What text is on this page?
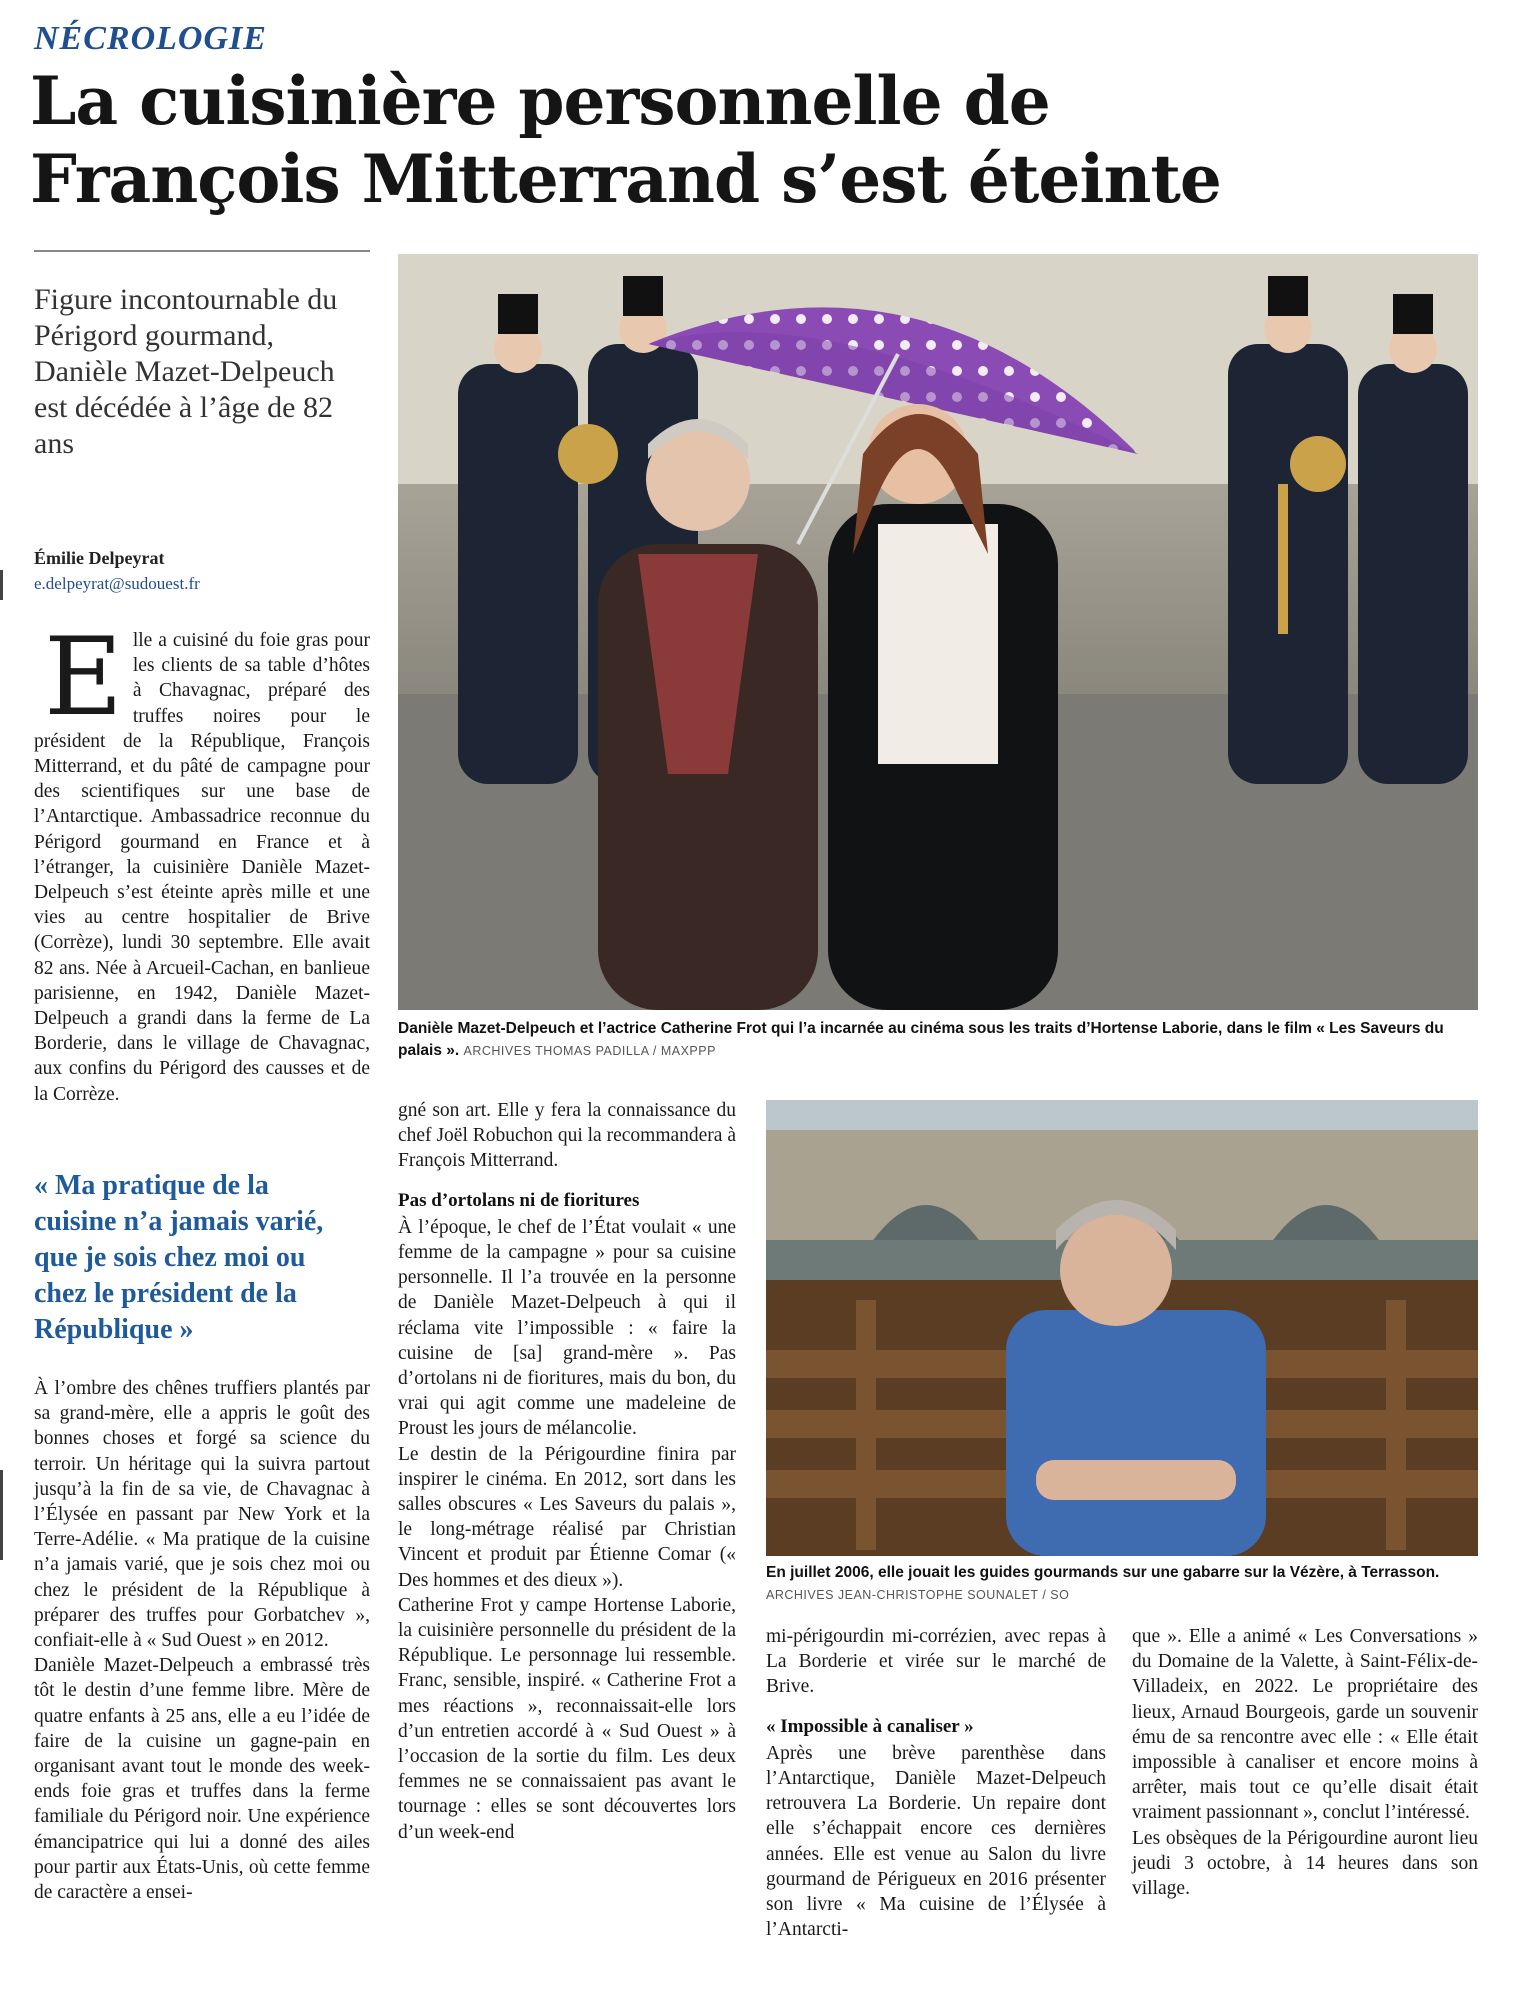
NÉCROLOGIE
La cuisinière personnelle de
François Mitterrand s’est éteinte
Figure incontournable du Périgord gourmand, Danièle Mazet-Delpeuch est décédée à l’âge de 82 ans
Émilie Delpeyrat
e.delpeyrat@sudouest.fr

Elle a cuisiné du foie gras pour les clients de sa table d’hôtes à Chavagnac, préparé des truffes noires pour le président de la République, François Mitterrand, et du pâté de campagne pour des scientifiques sur une base de l’Antarctique. Ambassadrice reconnue du Périgord gourmand en France et à l’étranger, la cuisinière Danièle Mazet-Delpeuch s’est éteinte après mille et une vies au centre hospitalier de Brive (Corrèze), lundi 30 septembre. Elle avait 82 ans. Née à Arcueil-Cachan, en banlieue parisienne, en 1942, Danièle Mazet-Delpeuch a grandi dans la ferme de La Borderie, dans le village de Chavagnac, aux confins du Périgord des causses et de la Corrèze.

« Ma pratique de la cuisine n’a jamais varié, que je sois chez moi ou chez le président de la République »

À l’ombre des chênes truffiers plantés par sa grand-mère, elle a appris le goût des bonnes choses et forgé sa science du terroir. Un héritage qui la suivra partout jusqu’à la fin de sa vie, de Chavagnac à l’Élysée en passant par New York et la Terre-Adélie. « Ma pratique de la cuisine n’a jamais varié, que je sois chez moi ou chez le président de la République à préparer des truffes pour Gorbatchev », confiait-elle à « Sud Ouest » en 2012.

Danièle Mazet-Delpeuch a embrassé très tôt le destin d’une femme libre. Mère de quatre enfants à 25 ans, elle a eu l’idée de faire de la cuisine un gagne-pain en organisant avant tout le monde des week-ends foie gras et truffes dans la ferme familiale du Périgord noir. Une expérience émancipatrice qui lui a donné des ailes pour partir aux États-Unis, où cette femme de caractère a ensei-

Danièle Mazet-Delpeuch et l’actrice Catherine Frot qui l’a incarnée au cinéma sous les traits d’Hortense Laborie, dans le film « Les Saveurs du palais ». ARCHIVES THOMAS PADILLA / MAXPPP

gné son art. Elle y fera la connaissance du chef Joël Robuchon qui la recommandera à François Mitterrand.

Pas d’ortolans ni de fioritures

À l’époque, le chef de l’État voulait « une femme de la campagne » pour sa cuisine personnelle. Il l’a trouvée en la personne de Danièle Mazet-Delpeuch à qui il réclama vite l’impossible : « faire la cuisine de [sa] grand-mère ». Pas d’ortolans ni de fioritures, mais du bon, du vrai qui agit comme une madeleine de Proust les jours de mélancolie.

Le destin de la Périgourdine finira par inspirer le cinéma. En 2012, sort dans les salles obscures « Les Saveurs du palais », le long-métrage réalisé par Christian Vincent et produit par Étienne Comar (« Des hommes et des dieux »).

Catherine Frot y campe Hortense Laborie, la cuisinière personnelle du président de la République. Le personnage lui ressemble. Franc, sensible, inspiré. « Catherine Frot a mes réactions », reconnaissait-elle lors d’un entretien accordé à « Sud Ouest » à l’occasion de la sortie du film. Les deux femmes ne se connaissaient pas avant le tournage : elles se sont découvertes lors d’un week-end

En juillet 2006, elle jouait les guides gourmands sur une gabarre sur la Vézère, à Terrasson. ARCHIVES JEAN-CHRISTOPHE SOUNALET / SO

mi-périgourdin mi-corrézien, avec repas à La Borderie et virée sur le marché de Brive.

« Impossible à canaliser »

Après une brève parenthèse dans l’Antarctique, Danièle Mazet-Delpeuch retrouvera La Borderie. Un repaire dont elle s’échappait encore ces dernières années. Elle est venue au Salon du livre gourmand de Périgueux en 2016 présenter son livre « Ma cuisine de l’Élysée à l’Antarcti-

que ». Elle a animé « Les Conversations » du Domaine de la Valette, à Saint-Félix-de-Villadeix, en 2022. Le propriétaire des lieux, Arnaud Bourgeois, garde un souvenir ému de sa rencontre avec elle : « Elle était impossible à canaliser et encore moins à arrêter, mais tout ce qu’elle disait était vraiment passionnant », conclut l’intéressé.

Les obsèques de la Périgourdine auront lieu jeudi 3 octobre, à 14 heures dans son village.
